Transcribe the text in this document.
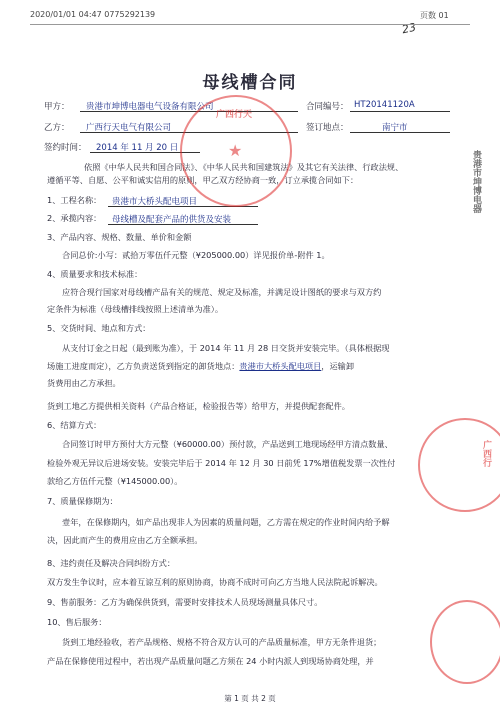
2020/01/01 04:47 0775292139	页数 01
23
母线槽合同
甲方： 贵港市坤博电器电气设备有限公司	合同编号： HT20141120A
乙方： 广西行天电气有限公司	签订地点：	南宁市
签约时间： 2014 年 11 月 20 日
依照《中华人民共和国合同法》、《中华人民共和国建筑法》及其它有关法律、行政法规、
遵循平等、自愿、公平和诚实信用的原则，甲乙双方经协商一致，订立承揽合同如下：
1、工程名称： 贵港市大桥头配电项目
2、承揽内容： 母线槽及配套产品的供货及安装
3、产品内容、规格、数量、单价和金额
合同总价:小写：贰拾万零伍仟元整（¥205000.00）详见报价单-附件 1。
4、质量要求和技术标准：
应符合现行国家对母线槽产品有关的规范、规定及标准，并满足设计图纸的要求与双方约
定条件为标准（母线槽排线按照上述清单为准）。
5、交货时间、地点和方式：
从支付订金之日起（最到账为准），于 2014 年 11 月 28 日交货并安装完毕。（具体根据现
场施工进度而定），乙方负责送货到指定的卸货地点：贵港市大桥头配电项目，运输卸
货费用由乙方承担。
货到工地乙方提供相关资料（产品合格证，检验报告等）给甲方，并提供配套配件。
6、结算方式：
合同签订时甲方预付大方元整（¥60000.00）预付款，产品送到工地现场经甲方清点数量、
检验外观无异议后进场安装。安装完毕后于 2014 年 12 月 30 日前凭 17%增值税发票一次性付
款给乙方伍仟元整（¥145000.00）。
7、质量保修期为：
壹年，在保修期内，如产品出现非人为因素的质量问题，乙方需在规定的作业时间内给予解
决，因此而产生的费用应由乙方全额承担。
8、违约责任及解决合同纠纷方式：
双方发生争议时，应本着互谅互利的原则协商，协商不成时可向乙方当地人民法院起诉解决。
9、售前服务：乙方为确保供货到，需要时安排技术人员现场测量具体尺寸。
10、售后服务：
货到工地经验收，若产品规格、规格不符合双方认可的产品质量标准，甲方无条件退货；
产品在保修使用过程中，若出现产品质量问题乙方须在 24 小时内派人到现场协商处理，并
第 1 页 共 2 页
广西行天
★
广西行
贵港市坤博电器
